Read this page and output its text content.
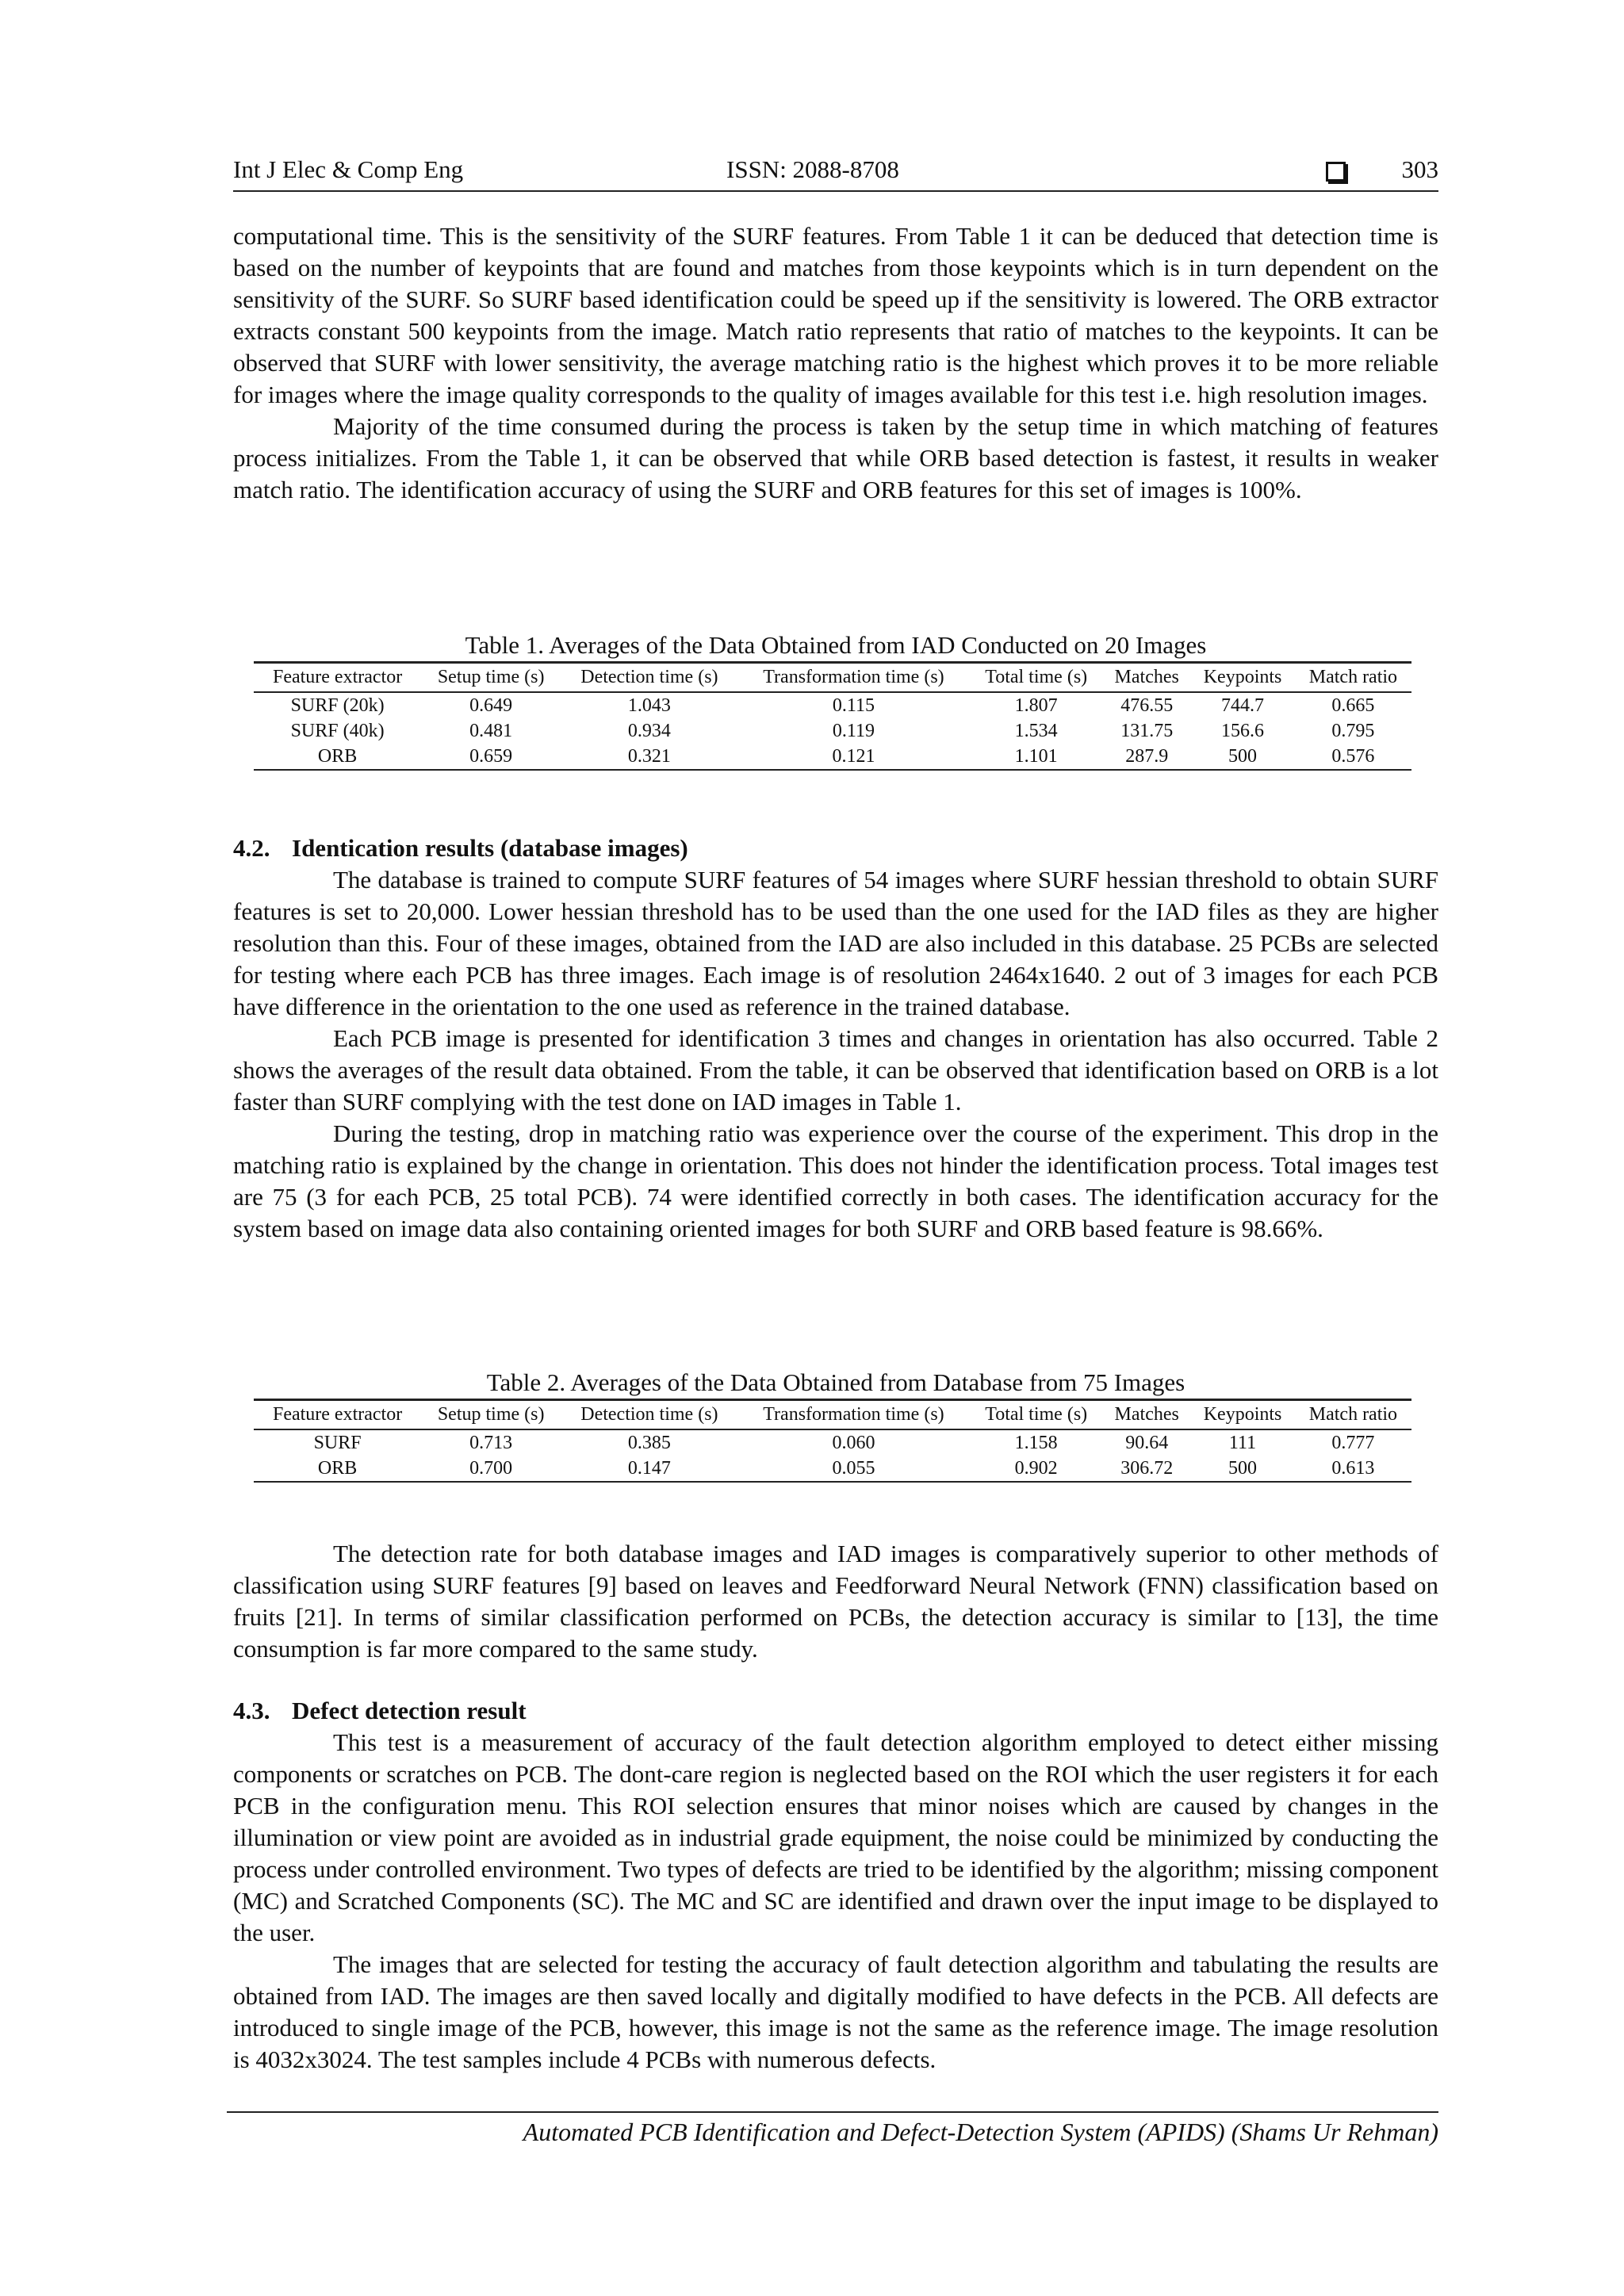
Int J Elec & Comp Eng	ISSN: 2088-8708	303

computational time. This is the sensitivity of the SURF features. From Table 1 it can be deduced that detection time is based on the number of keypoints that are found and matches from those keypoints which is in turn dependent on the sensitivity of the SURF. So SURF based identification could be speed up if the sensitivity is lowered. The ORB extractor extracts constant 500 keypoints from the image. Match ratio represents that ratio of matches to the keypoints. It can be observed that SURF with lower sensitivity, the average matching ratio is the highest which proves it to be more reliable for images where the image quality corresponds to the quality of images available for this test i.e. high resolution images.

Majority of the time consumed during the process is taken by the setup time in which matching of features process initializes. From the Table 1, it can be observed that while ORB based detection is fastest, it results in weaker match ratio. The identification accuracy of using the SURF and ORB features for this set of images is 100%.

Table 1. Averages of the Data Obtained from IAD Conducted on 20 Images
Feature extractor	Setup time (s)	Detection time (s)	Transformation time (s)	Total time (s)	Matches	Keypoints	Match ratio
SURF (20k)	0.649	1.043	0.115	1.807	476.55	744.7	0.665
SURF (40k)	0.481	0.934	0.119	1.534	131.75	156.6	0.795
ORB	0.659	0.321	0.121	1.101	287.9	500	0.576
4.2. Identication results (database images)

The database is trained to compute SURF features of 54 images where SURF hessian threshold to obtain SURF features is set to 20,000. Lower hessian threshold has to be used than the one used for the IAD files as they are higher resolution than this. Four of these images, obtained from the IAD are also included in this database. 25 PCBs are selected for testing where each PCB has three images. Each image is of resolution 2464x1640. 2 out of 3 images for each PCB have difference in the orientation to the one used as reference in the trained database.

Each PCB image is presented for identification 3 times and changes in orientation has also occurred. Table 2 shows the averages of the result data obtained. From the table, it can be observed that identification based on ORB is a lot faster than SURF complying with the test done on IAD images in Table 1.

During the testing, drop in matching ratio was experience over the course of the experiment. This drop in the matching ratio is explained by the change in orientation. This does not hinder the identification process. Total images test are 75 (3 for each PCB, 25 total PCB). 74 were identified correctly in both cases. The identification accuracy for the system based on image data also containing oriented images for both SURF and ORB based feature is 98.66%.

Table 2. Averages of the Data Obtained from Database from 75 Images
Feature extractor	Setup time (s)	Detection time (s)	Transformation time (s)	Total time (s)	Matches	Keypoints	Match ratio
SURF	0.713	0.385	0.060	1.158	90.64	111	0.777
ORB	0.700	0.147	0.055	0.902	306.72	500	0.613

The detection rate for both database images and IAD images is comparatively superior to other methods of classification using SURF features [9] based on leaves and Feedforward Neural Network (FNN) classification based on fruits [21]. In terms of similar classification performed on PCBs, the detection accuracy is similar to [13], the time consumption is far more compared to the same study.

4.3. Defect detection result

This test is a measurement of accuracy of the fault detection algorithm employed to detect either missing components or scratches on PCB. The dont-care region is neglected based on the ROI which the user registers it for each PCB in the configuration menu. This ROI selection ensures that minor noises which are caused by changes in the illumination or view point are avoided as in industrial grade equipment, the noise could be minimized by conducting the process under controlled environment. Two types of defects are tried to be identified by the algorithm; missing component (MC) and Scratched Components (SC). The MC and SC are identified and drawn over the input image to be displayed to the user.

The images that are selected for testing the accuracy of fault detection algorithm and tabulating the results are obtained from IAD. The images are then saved locally and digitally modified to have defects in the PCB. All defects are introduced to single image of the PCB, however, this image is not the same as the reference image. The image resolution is 4032x3024. The test samples include 4 PCBs with numerous defects.

Automated PCB Identification and Defect-Detection System (APIDS) (Shams Ur Rehman)
